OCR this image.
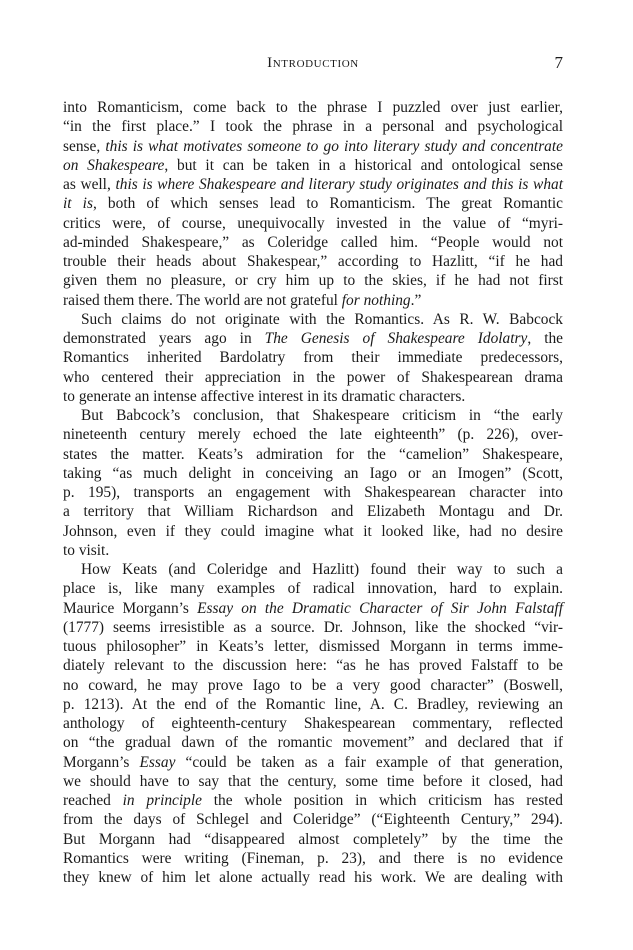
Introduction	7
into Romanticism, come back to the phrase I puzzled over just earlier,
“in the first place.” I took the phrase in a personal and psychological
sense, this is what motivates someone to go into literary study and concentrate
on Shakespeare, but it can be taken in a historical and ontological sense
as well, this is where Shakespeare and literary study originates and this is what
it is, both of which senses lead to Romanticism. The great Romantic
critics were, of course, unequivocally invested in the value of “myri-
ad-minded Shakespeare,” as Coleridge called him. “People would not
trouble their heads about Shakespear,” according to Hazlitt, “if he had
given them no pleasure, or cry him up to the skies, if he had not first
raised them there. The world are not grateful for nothing.”
Such claims do not originate with the Romantics. As R. W. Babcock
demonstrated years ago in The Genesis of Shakespeare Idolatry, the
Romantics inherited Bardolatry from their immediate predecessors,
who centered their appreciation in the power of Shakespearean drama
to generate an intense affective interest in its dramatic characters.
But Babcock’s conclusion, that Shakespeare criticism in “the early
nineteenth century merely echoed the late eighteenth” (p. 226), over-
states the matter. Keats’s admiration for the “camelion” Shakespeare,
taking “as much delight in conceiving an Iago or an Imogen” (Scott,
p. 195), transports an engagement with Shakespearean character into
a territory that William Richardson and Elizabeth Montagu and Dr.
Johnson, even if they could imagine what it looked like, had no desire
to visit.
How Keats (and Coleridge and Hazlitt) found their way to such a
place is, like many examples of radical innovation, hard to explain.
Maurice Morgann’s Essay on the Dramatic Character of Sir John Falstaff
(1777) seems irresistible as a source. Dr. Johnson, like the shocked “vir-
tuous philosopher” in Keats’s letter, dismissed Morgann in terms imme-
diately relevant to the discussion here: “as he has proved Falstaff to be
no coward, he may prove Iago to be a very good character” (Boswell,
p. 1213). At the end of the Romantic line, A. C. Bradley, reviewing an
anthology of eighteenth-century Shakespearean commentary, reflected
on “the gradual dawn of the romantic movement” and declared that if
Morgann’s Essay “could be taken as a fair example of that generation,
we should have to say that the century, some time before it closed, had
reached in principle the whole position in which criticism has rested
from the days of Schlegel and Coleridge” (“Eighteenth Century,” 294).
But Morgann had “disappeared almost completely” by the time the
Romantics were writing (Fineman, p. 23), and there is no evidence
they knew of him let alone actually read his work. We are dealing with
